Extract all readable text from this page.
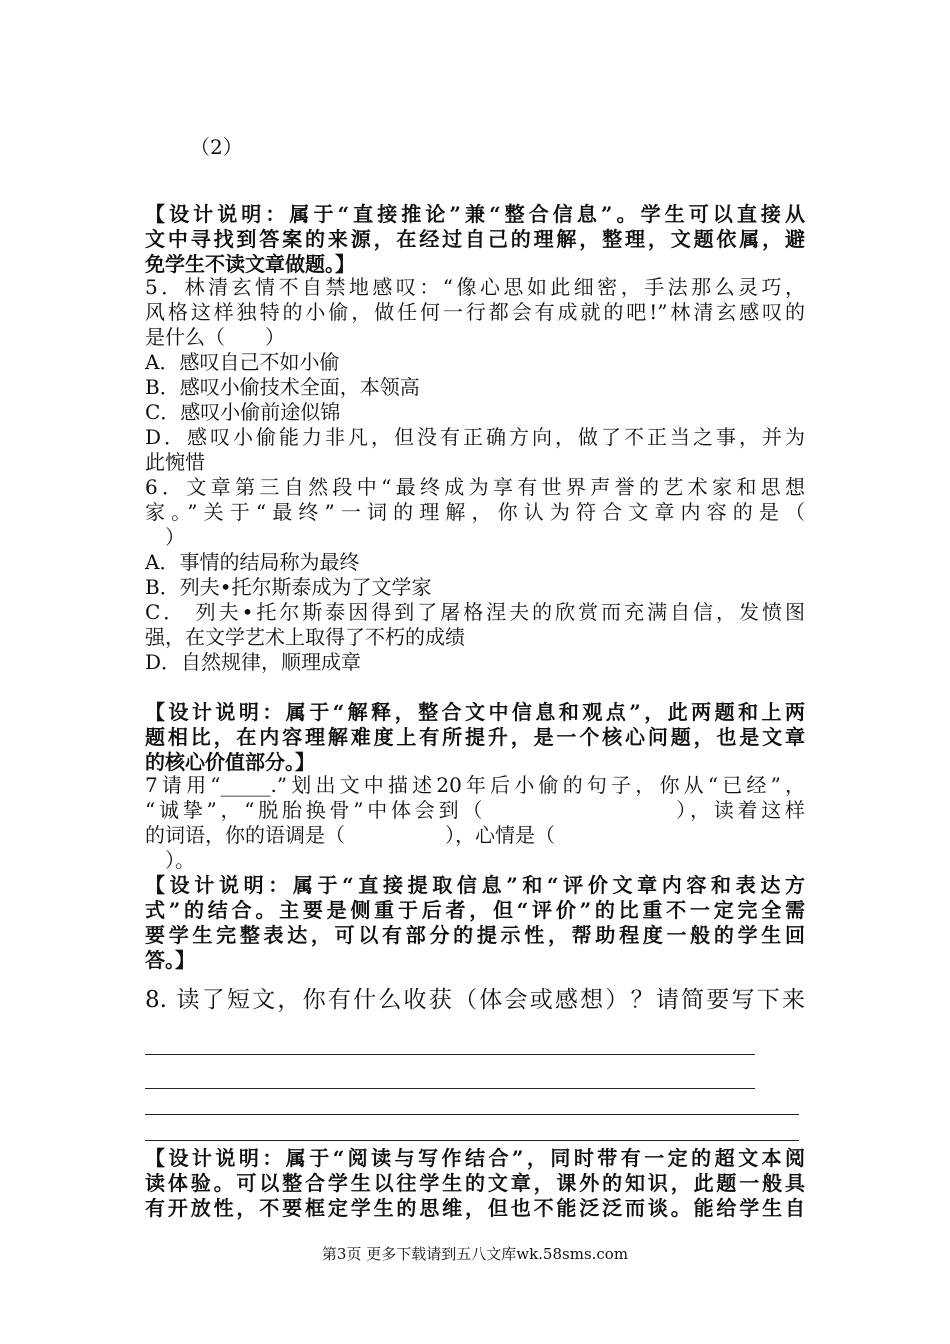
（2）
【设计说明：属于“直接推论”兼“整合信息”。学生可以直接从
文中寻找到答案的来源，在经过自己的理解，整理，文题依属，避
免学生不读文章做题。】
5．林清玄情不自禁地感叹：“像心思如此细密，手法那么灵巧，
风格这样独特的小偷，做任何一行都会有成就的吧!”林清玄感叹的
是什么（　　）
A．感叹自己不如小偷
B．感叹小偷技术全面，本领高
C．感叹小偷前途似锦
D．感叹小偷能力非凡，但没有正确方向，做了不正当之事，并为
此惋惜
6．文章第三自然段中“最终成为享有世界声誉的艺术家和思想
家。”关于“最终”一词的理解，你认为符合文章内容的是（
　）
A．事情的结局称为最终
B．列夫•托尔斯泰成为了文学家
C． 列夫•托尔斯泰因得到了屠格涅夫的欣赏而充满自信，发愤图
强，在文学艺术上取得了不朽的成绩
D．自然规律，顺理成章
【设计说明：属于“解释，整合文中信息和观点”，此两题和上两
题相比，在内容理解难度上有所提升，是一个核心问题，也是文章
的核心价值部分。】
7请用“_____.”划出文中描述20年后小偷的句子，你从“已经”，
“诚挚”，“脱胎换骨”中体会到（　　　　　　　　），读着这样
的词语，你的语调是（　　　　　），心情是（
　）。
【设计说明：属于“直接提取信息”和“评价文章内容和表达方
式”的结合。主要是侧重于后者，但“评价”的比重不一定完全需
要学生完整表达，可以有部分的提示性，帮助程度一般的学生回
答。】
8. 读了短文，你有什么收获（体会或感想）？请简要写下来
【设计说明：属于“阅读与写作结合”，同时带有一定的超文本阅
读体验。可以整合学生以往学生的文章，课外的知识，此题一般具
有开放性，不要框定学生的思维，但也不能泛泛而谈。能给学生自
第3页 更多下载请到五八文库wk.58sms.com
